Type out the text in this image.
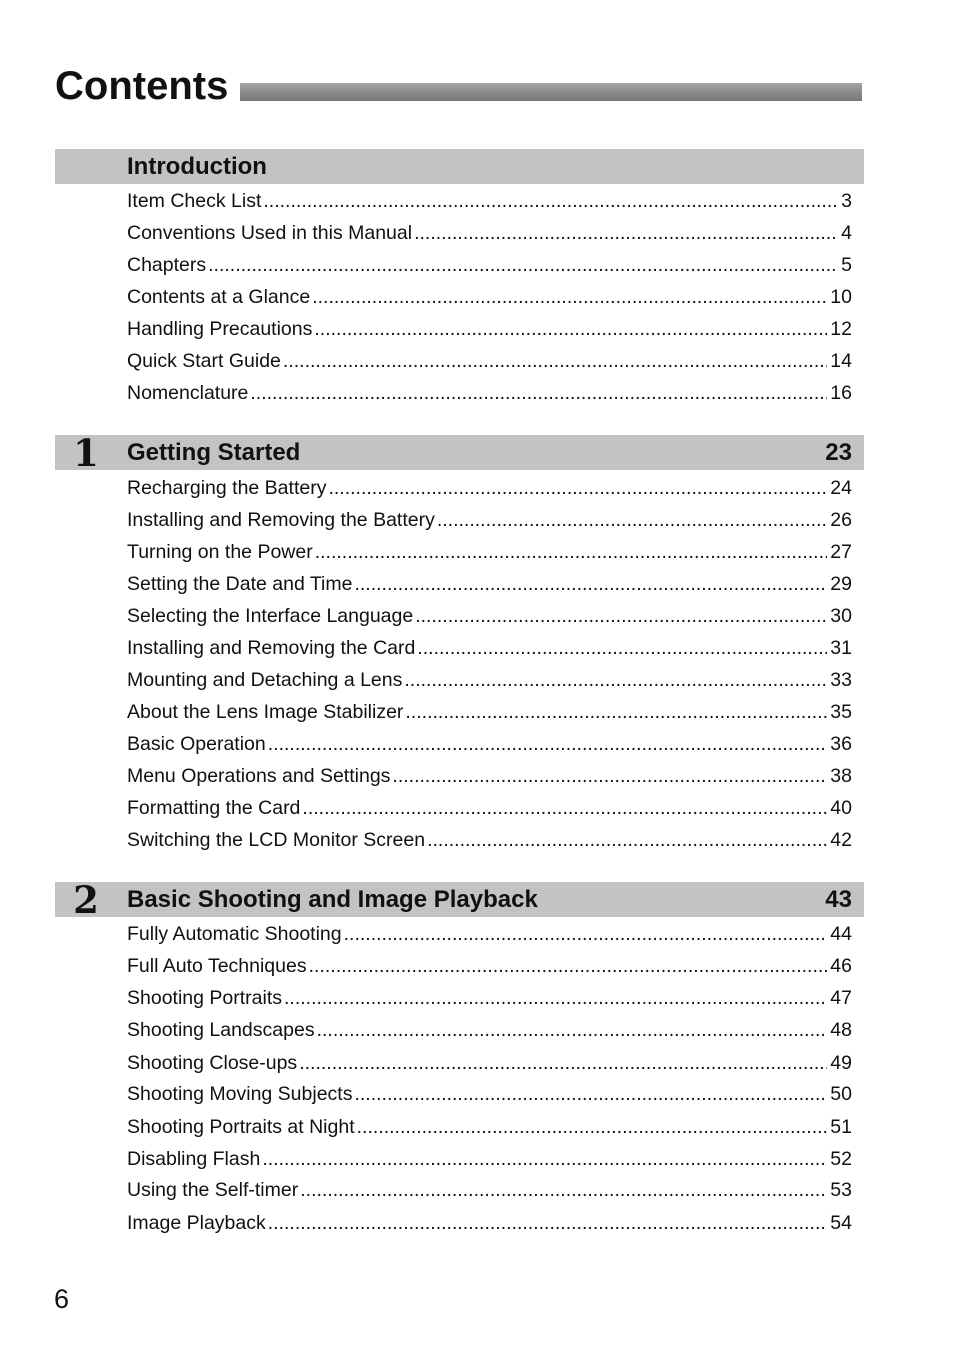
Contents
Introduction
Item Check List .....	3
Conventions Used in this Manual .....	4
Chapters .....	5
Contents at a Glance .....	10
Handling Precautions .....	12
Quick Start Guide .....	14
Nomenclature .....	16
1 Getting Started	23
Recharging the Battery .....	24
Installing and Removing the Battery .....	26
Turning on the Power .....	27
Setting the Date and Time .....	29
Selecting the Interface Language .....	30
Installing and Removing the Card .....	31
Mounting and Detaching a Lens .....	33
About the Lens Image Stabilizer .....	35
Basic Operation .....	36
Menu Operations and Settings .....	38
Formatting the Card .....	40
Switching the LCD Monitor Screen .....	42
2 Basic Shooting and Image Playback	43
Fully Automatic Shooting .....	44
Full Auto Techniques .....	46
Shooting Portraits .....	47
Shooting Landscapes .....	48
Shooting Close-ups .....	49
Shooting Moving Subjects .....	50
Shooting Portraits at Night .....	51
Disabling Flash .....	52
Using the Self-timer .....	53
Image Playback .....	54
6
